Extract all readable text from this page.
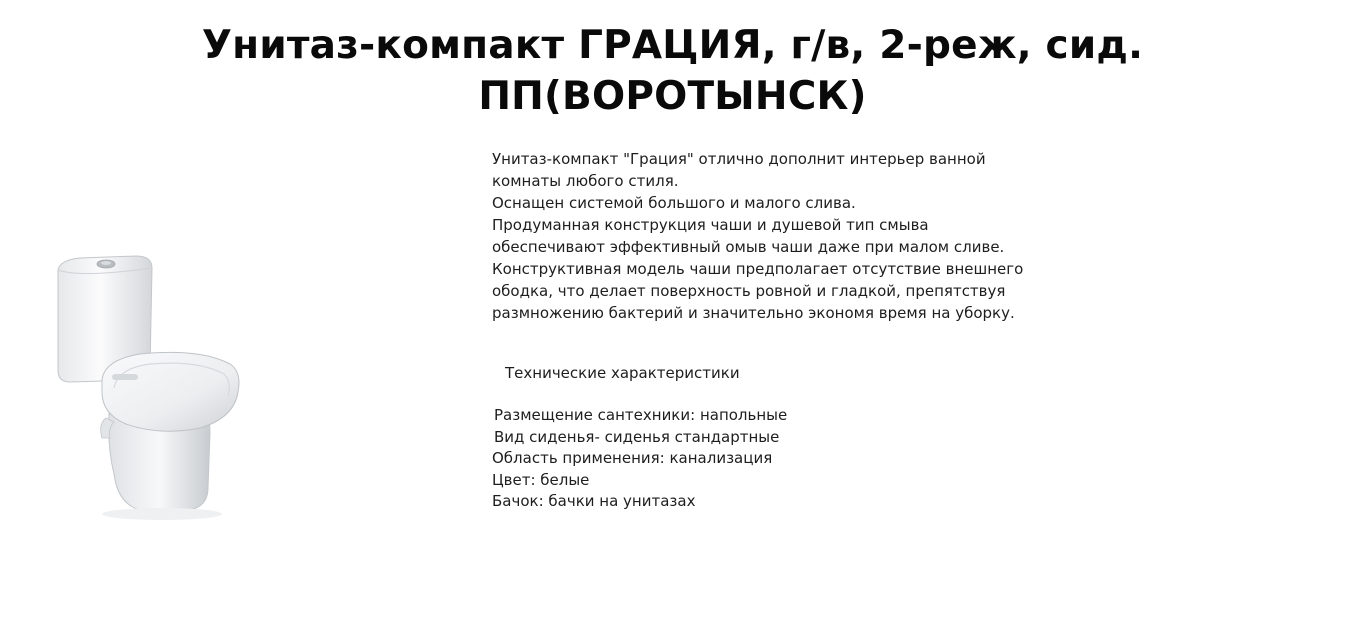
Унитаз-компакт ГРАЦИЯ, г/в, 2-реж, сид. ПП(ВОРОТЫНСК)
Унитаз-компакт "Грация" отлично дополнит интерьер ванной
комнаты любого стиля.
Оснащен системой большого и малого слива.
Продуманная конструкция чаши и душевой тип смыва
обеспечивают эффективный омыв чаши даже при малом сливе.
Конструктивная модель чаши предполагает отсутствие внешнего
ободка, что делает поверхность ровной и гладкой, препятствуя
размножению бактерий и значительно экономя время на уборку.
Технические характеристики
Размещение сантехники: напольные
Вид сиденья- сиденья стандартные
Область применения: канализация
Цвет: белые
Бачок: бачки на унитазах
